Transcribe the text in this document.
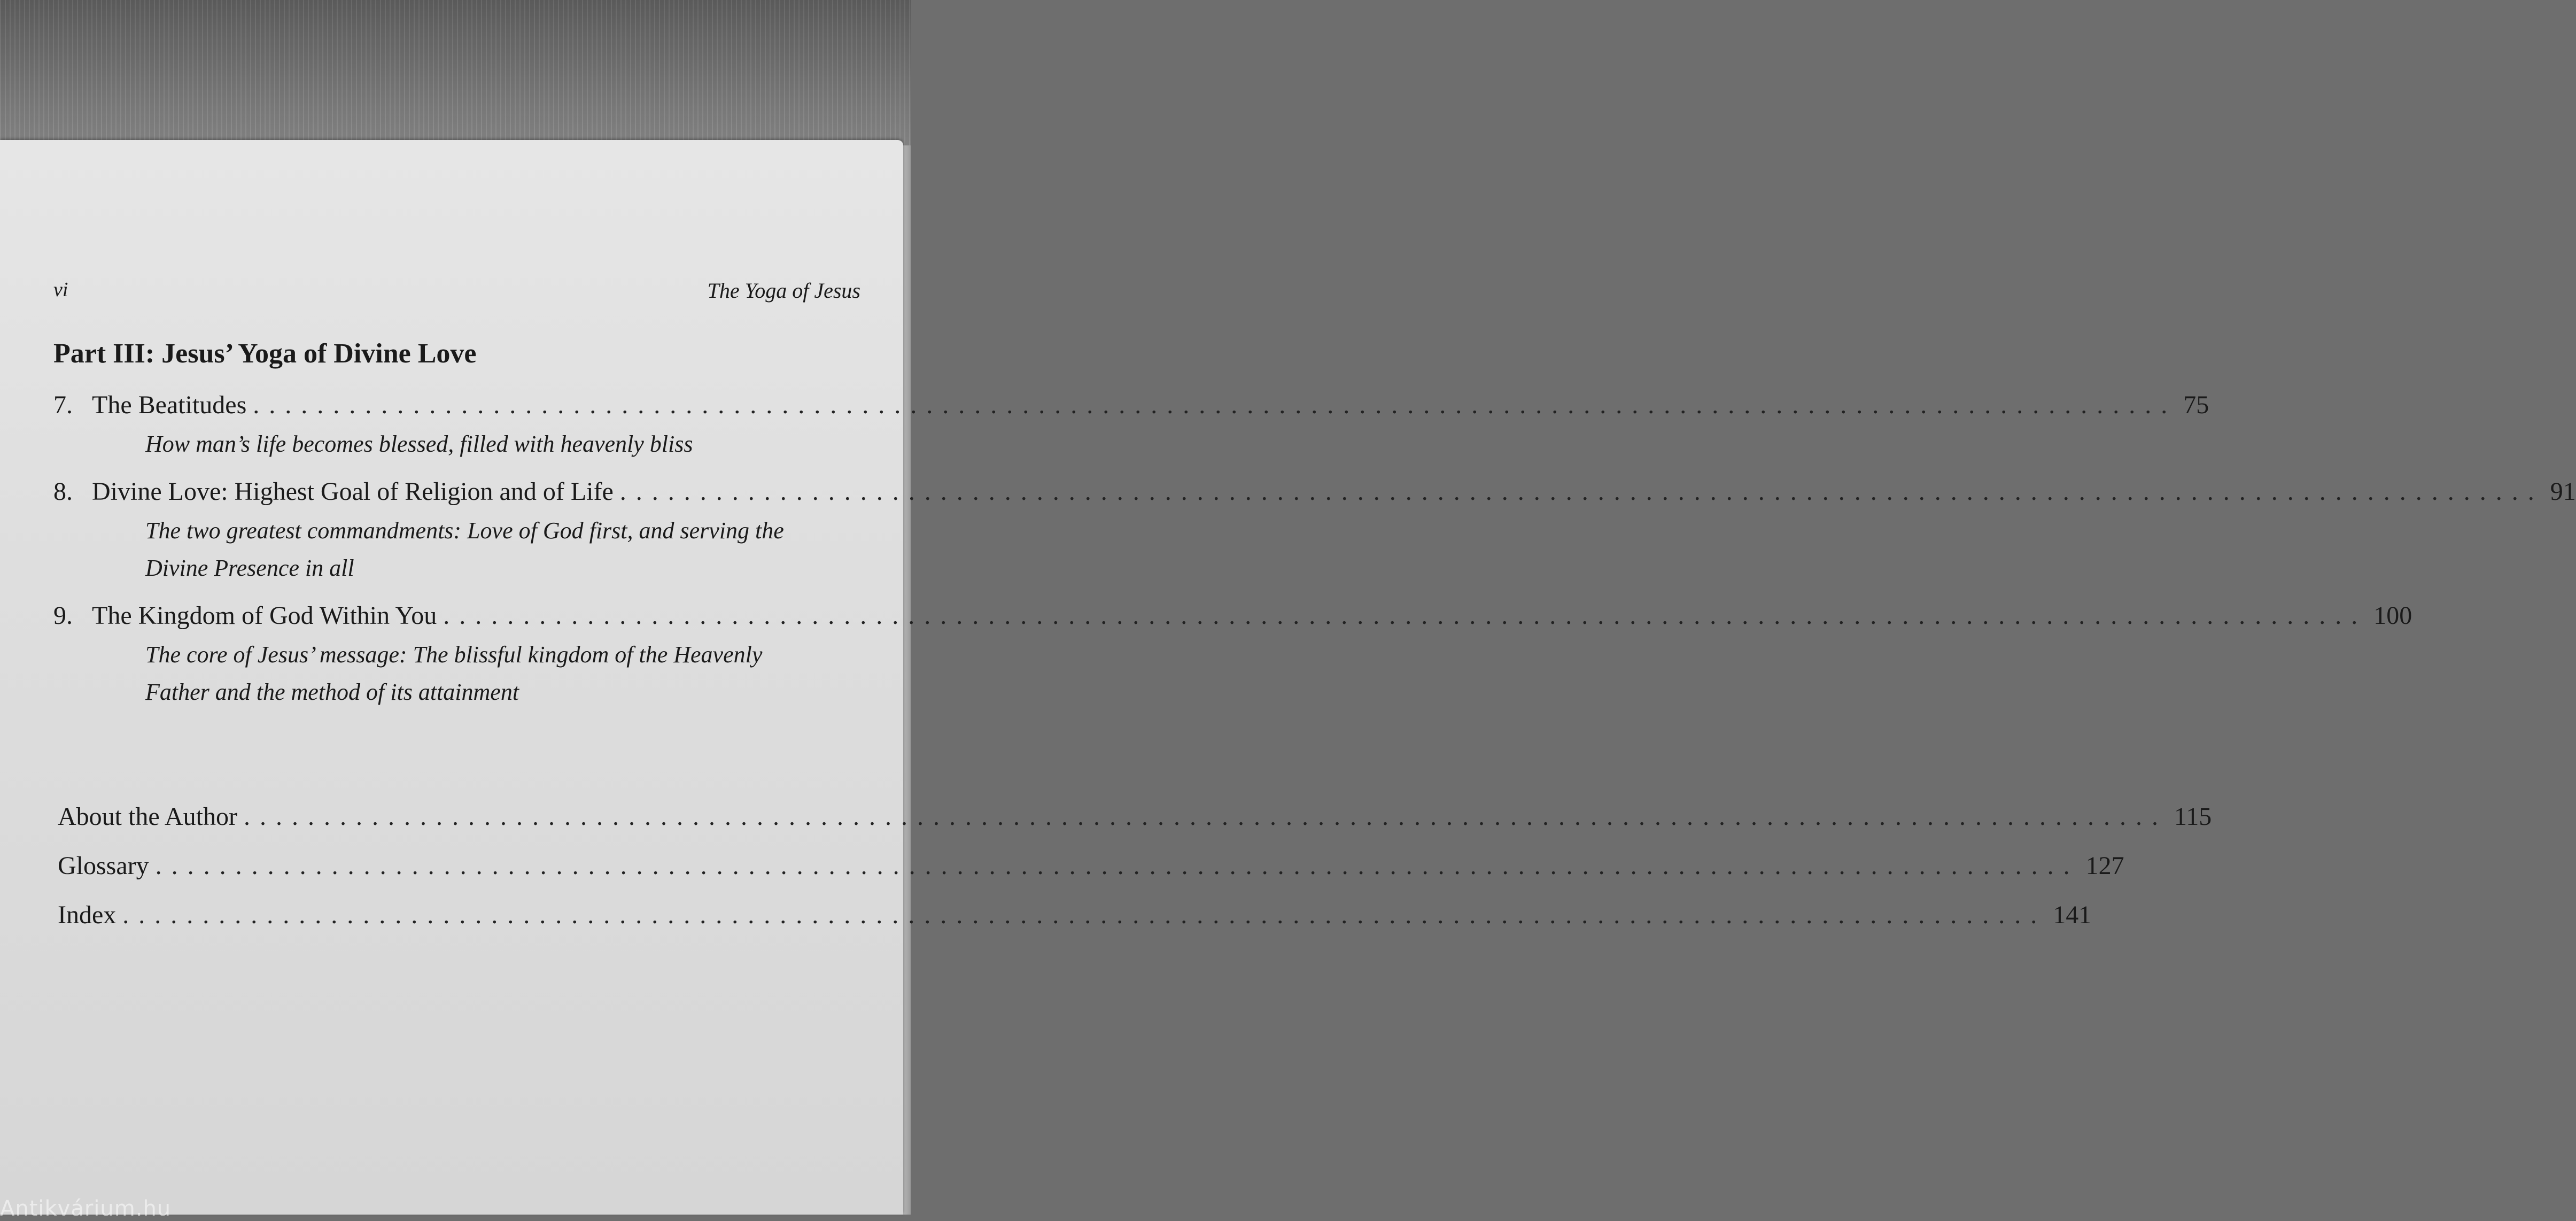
vi	The Yoga of Jesus
Part III: Jesus’ Yoga of Divine Love
7. The Beatitudes ........................................................................................................................ 75
How man’s life becomes blessed, filled with heavenly bliss
8. Divine Love: Highest Goal of Religion and of Life ........................................................................................................................ 91
The two greatest commandments: Love of God first, and serving the Divine Presence in all
9. The Kingdom of God Within You ........................................................................................................................ 100
The core of Jesus’ message: The blissful kingdom of the Heavenly Father and the method of its attainment
About the Author ........................................................................................................................ 115
Glossary ........................................................................................................................ 127
Index ........................................................................................................................ 141
Antikvárium.hu
